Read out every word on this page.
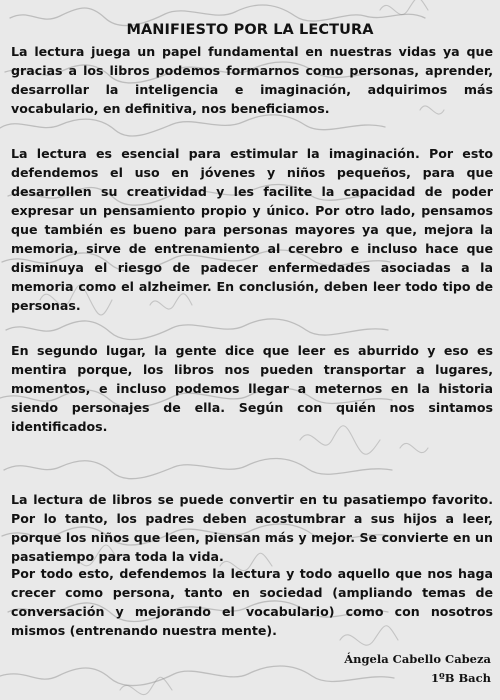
MANIFIESTO POR LA LECTURA
La lectura juega un papel fundamental en nuestras vidas ya que gracias a los libros podemos formarnos como personas, aprender, desarrollar la inteligencia e imaginación, adquirimos más vocabulario, en definitiva, nos beneficiamos.
La lectura es esencial para estimular la imaginación. Por esto defendemos el uso en jóvenes y niños pequeños, para que desarrollen su creatividad y les facilite la capacidad de poder expresar un pensamiento propio y único. Por otro lado, pensamos que también es bueno para personas mayores ya que, mejora la memoria, sirve de entrenamiento al cerebro e incluso hace que disminuya el riesgo de padecer enfermedades asociadas a la memoria como el alzheimer. En conclusión, deben leer todo tipo de personas.
En segundo lugar, la gente dice que leer es aburrido y eso es mentira porque, los libros nos pueden transportar a lugares, momentos, e incluso podemos llegar a meternos en la historia siendo personajes de ella. Según con quién nos sintamos identificados.
La lectura de libros se puede convertir en tu pasatiempo favorito. Por lo tanto, los padres deben acostumbrar a sus hijos a leer, porque los niños que leen, piensan más y mejor. Se convierte en un pasatiempo para toda la vida.
Por todo esto, defendemos la lectura y todo aquello que nos haga crecer como persona, tanto en sociedad (ampliando temas de conversación y mejorando el vocabulario) como con nosotros mismos (entrenando nuestra mente).
Ángela Cabello Cabeza
1ºB Bach
